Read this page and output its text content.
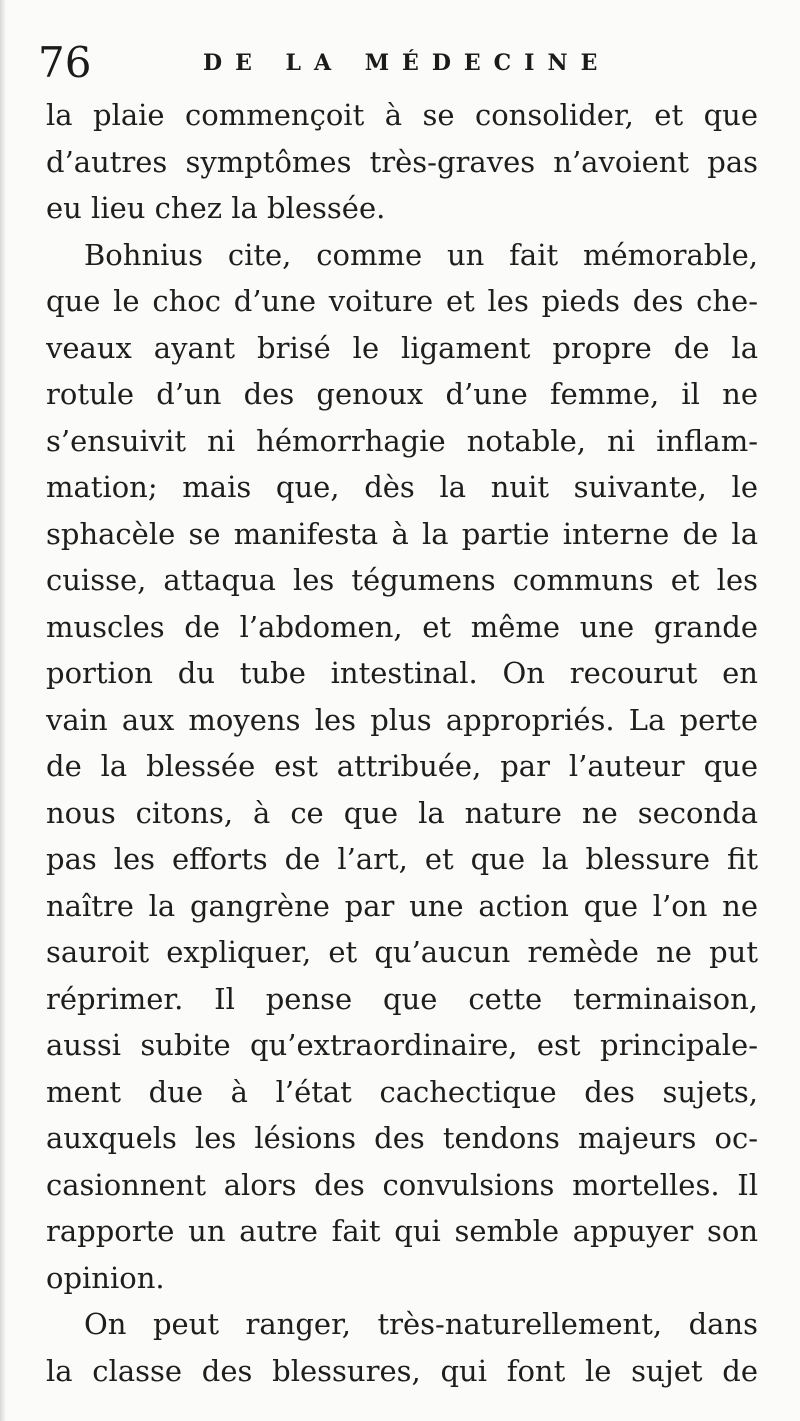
76	DE LA MÉDECINE
la plaie commençoit à se consolider, et que
d’autres symptômes très-graves n’avoient pas
eu lieu chez la blessée.
Bohnius cite, comme un fait mémorable,
que le choc d’une voiture et les pieds des che-
veaux ayant brisé le ligament propre de la
rotule d’un des genoux d’une femme, il ne
s’ensuivit ni hémorrhagie notable, ni inflam-
mation; mais que, dès la nuit suivante, le
sphacèle se manifesta à la partie interne de la
cuisse, attaqua les tégumens communs et les
muscles de l’abdomen, et même une grande
portion du tube intestinal. On recourut en
vain aux moyens les plus appropriés. La perte
de la blessée est attribuée, par l’auteur que
nous citons, à ce que la nature ne seconda
pas les efforts de l’art, et que la blessure fit
naître la gangrène par une action que l’on ne
sauroit expliquer, et qu’aucun remède ne put
réprimer. Il pense que cette terminaison,
aussi subite qu’extraordinaire, est principale-
ment due à l’état cachectique des sujets,
auxquels les lésions des tendons majeurs oc-
casionnent alors des convulsions mortelles. Il
rapporte un autre fait qui semble appuyer son
opinion.
On peut ranger, très-naturellement, dans
la classe des blessures, qui font le sujet de
